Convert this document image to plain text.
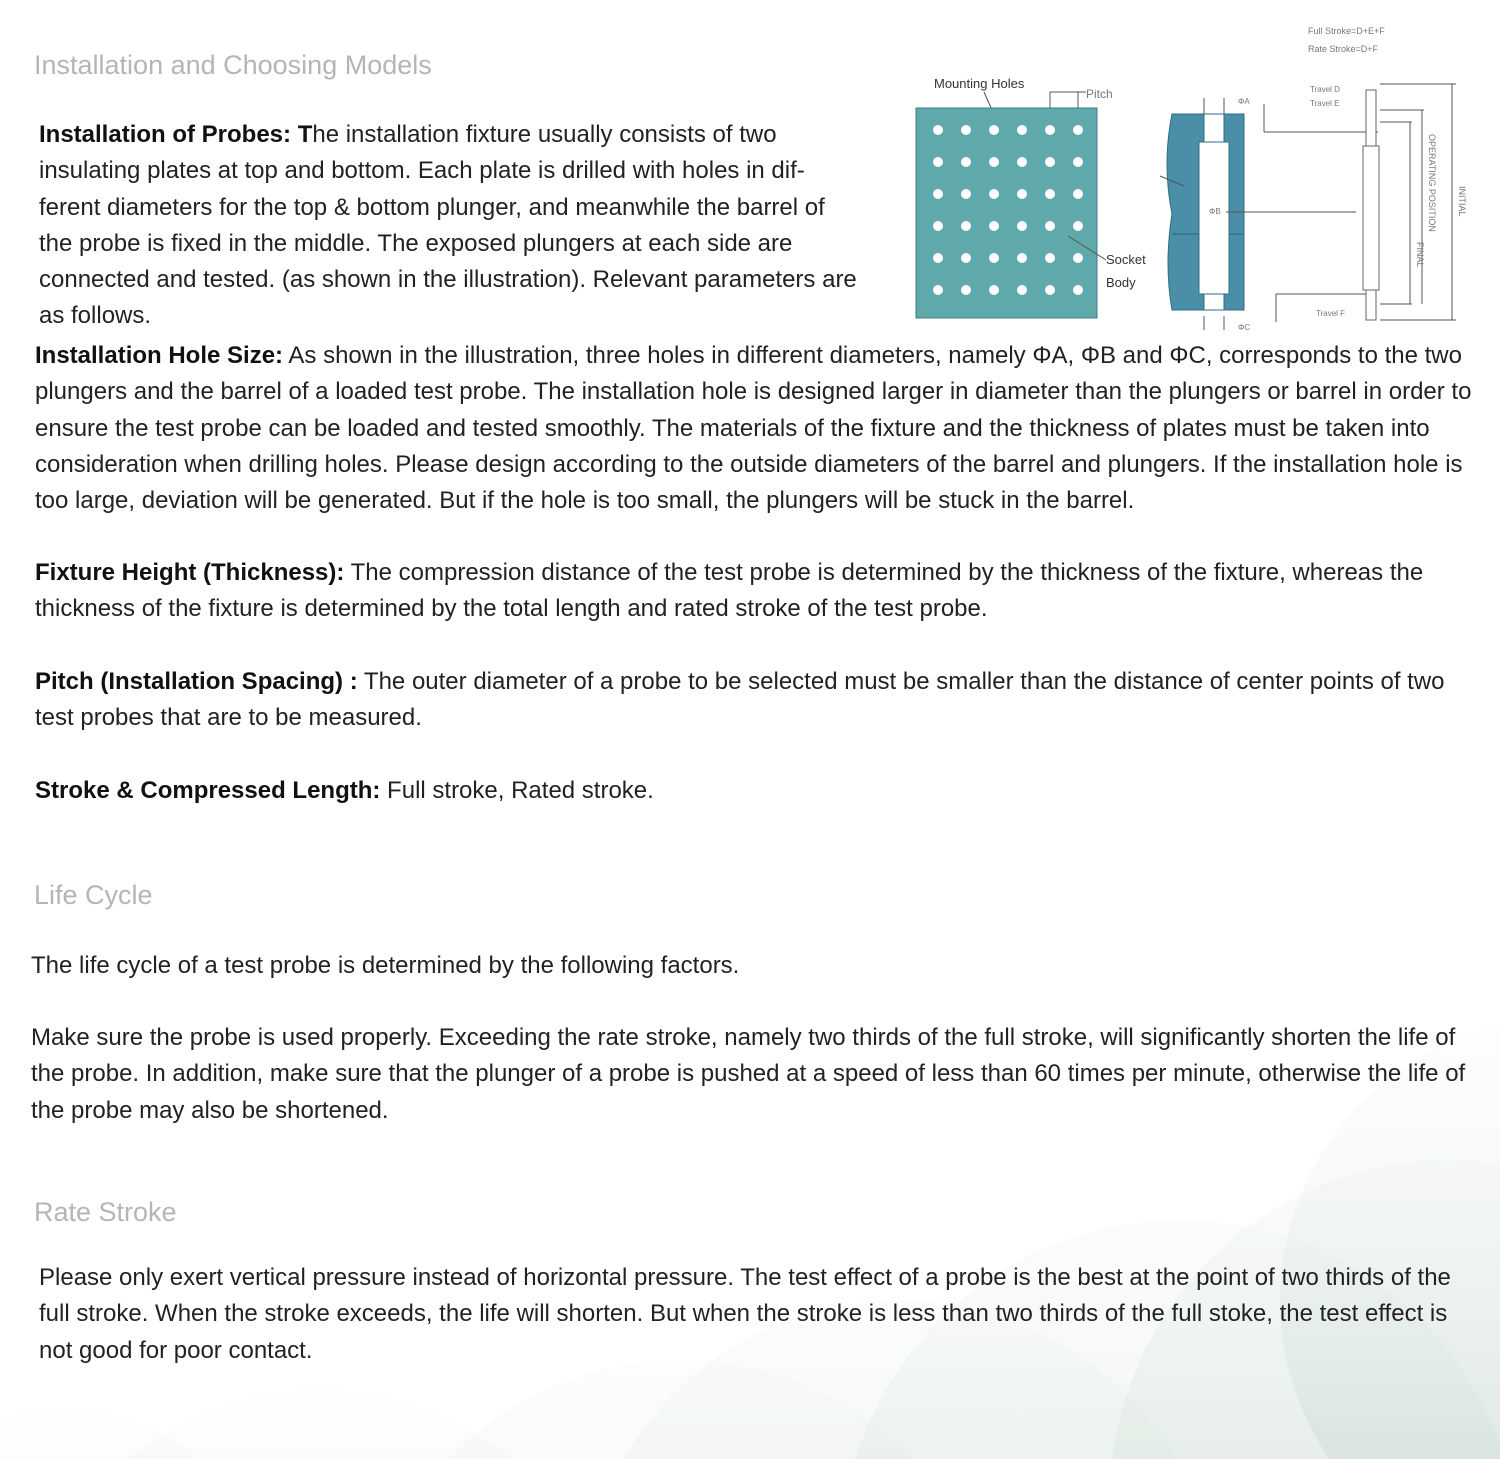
Installation and Choosing Models

Installation of Probes: The installation fixture usually consists of two insulating plates at top and bottom. Each plate is drilled with holes in dif-ferent diameters for the top & bottom plunger, and meanwhile the barrel of the probe is fixed in the middle. The exposed plungers at each side are connected and tested. (as shown in the illustration). Relevant parameters are as follows.

Full Stroke=D+E+F
Rate Stroke=D+F
Mounting Holes
Pitch
Socket
Body
ΦA
ΦB
ΦC
Travel D
Travel E
Travel F
FINAL
OPERATING POSITION INITIAL

Installation Hole Size: As shown in the illustration, three holes in different diameters, namely ΦA, ΦB and ΦC, corresponds to the two plungers and the barrel of a loaded test probe. The installation hole is designed larger in diameter than the plungers or barrel in order to ensure the test probe can be loaded and tested smoothly. The materials of the fixture and the thickness of plates must be taken into consideration when drilling holes. Please design according to the outside diameters of the barrel and plungers. If the installation hole is too large, deviation will be generated. But if the hole is too small, the plungers will be stuck in the barrel.

Fixture Height (Thickness): The compression distance of the test probe is determined by the thickness of the fixture, whereas the thickness of the fixture is determined by the total length and rated stroke of the test probe.

Pitch (Installation Spacing) : The outer diameter of a probe to be selected must be smaller than the distance of center points of two test probes that are to be measured.

Stroke & Compressed Length: Full stroke, Rated stroke.

Life Cycle

The life cycle of a test probe is determined by the following factors.

Make sure the probe is used properly. Exceeding the rate stroke, namely two thirds of the full stroke, will significantly shorten the life of the probe. In addition, make sure that the plunger of a probe is pushed at a speed of less than 60 times per minute, otherwise the life of the probe may also be shortened.

Rate Stroke

Please only exert vertical pressure instead of horizontal pressure. The test effect of a probe is the best at the point of two thirds of the full stroke. When the stroke exceeds, the life will shorten. But when the stroke is less than two thirds of the full stoke, the test effect is not good for poor contact.
